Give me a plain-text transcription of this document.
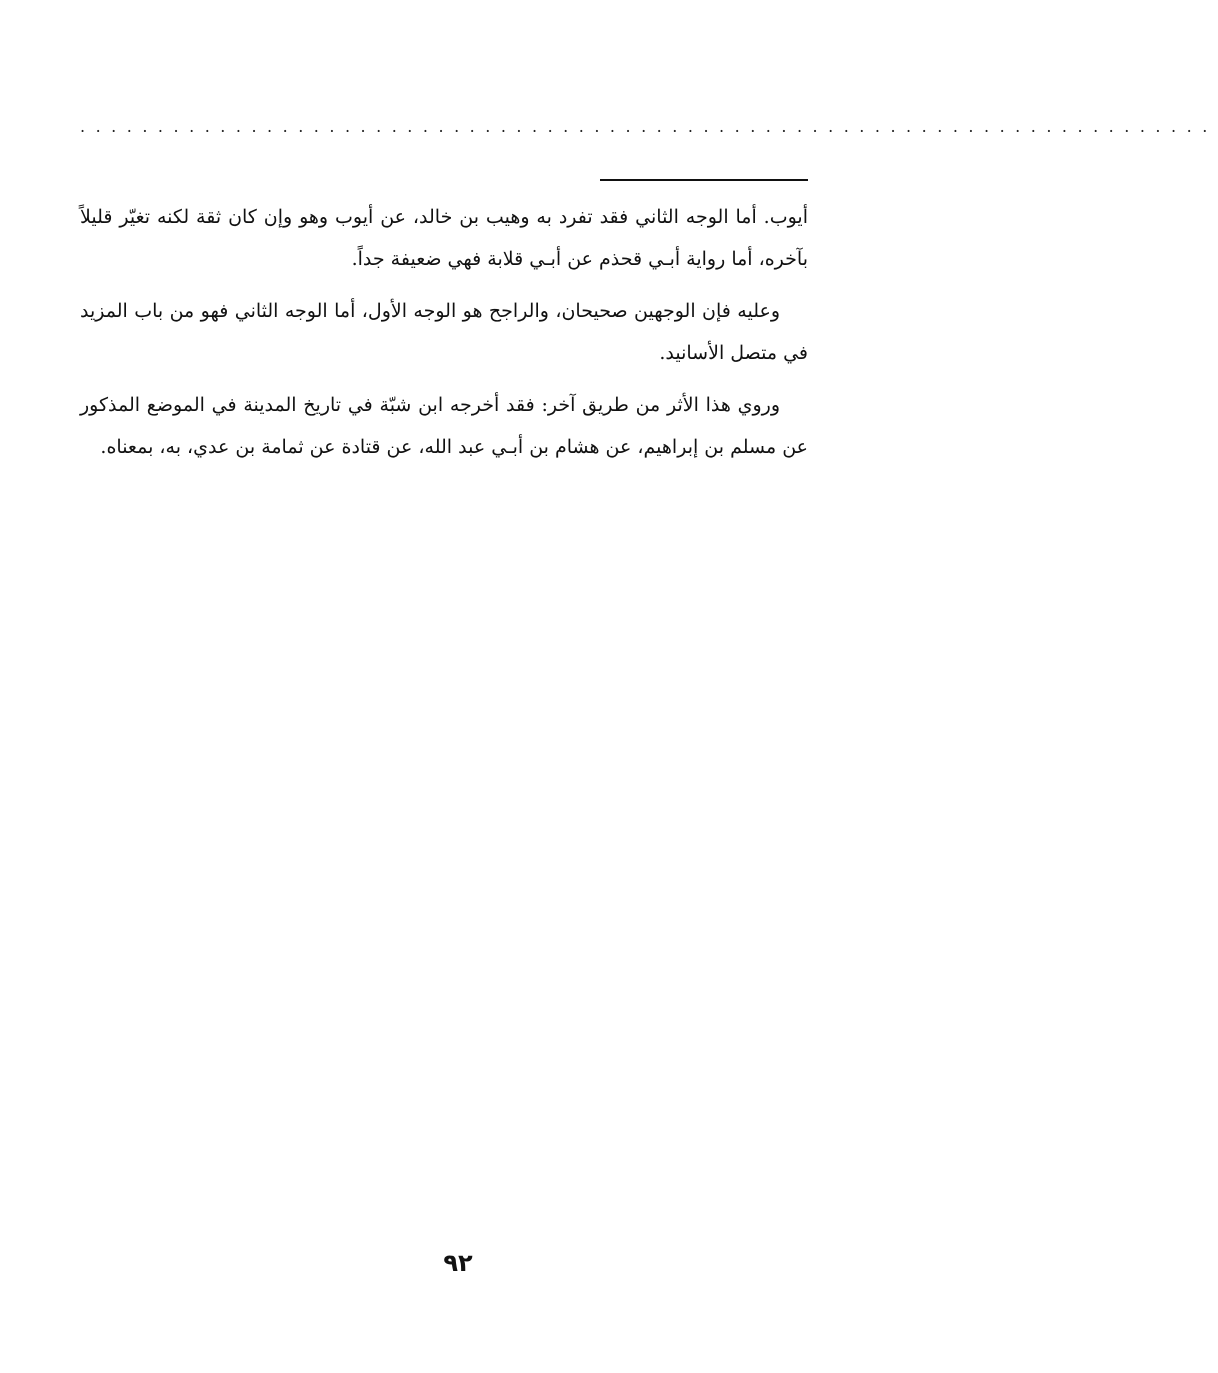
.........................................................................

أيوب. أما الوجه الثاني فقد تفرد به وهيب بن خالد، عن أيوب وهو وإن كان ثقة لكنه تغيّر قليلاً بآخره، أما رواية أبـي قحذم عن أبـي قلابة فهي ضعيفة جداً.

وعليه فإن الوجهين صحيحان، والراجح هو الوجه الأول، أما الوجه الثاني فهو من باب المزيد في متصل الأسانيد.

وروي هذا الأثر من طريق آخر: فقد أخرجه ابن شبّة في تاريخ المدينة في الموضع المذكور عن مسلم بن إبراهيم، عن هشام بن أبـي عبد الله، عن قتادة عن ثمامة بن عدي، به، بمعناه.

٩٢
